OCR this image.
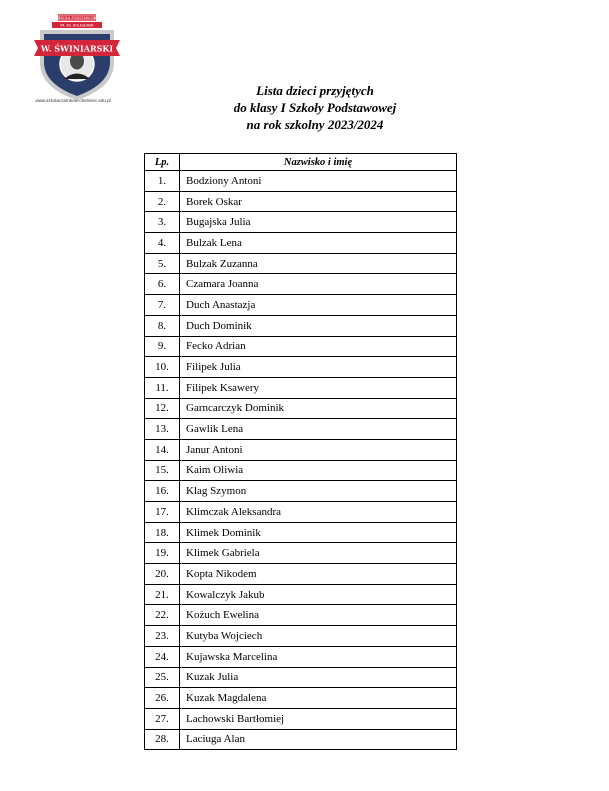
SZKOŁA PODSTAWOWA
IM. KS. BOLESŁAWA
W. ŚWINIARSKI
www.szkolaczarnkow-chelmiec.edu.pl
Lista dzieci przyjętych
do klasy I Szkoły Podstawowej
na rok szkolny 2023/2024
Lp.	Nazwisko i imię
1.	Bodziony Antoni
2.	Borek Oskar
3.	Bugajska Julia
4.	Bulzak Lena
5.	Bulzak Zuzanna
6.	Czamara Joanna
7.	Duch Anastazja
8.	Duch Dominik
9.	Fecko Adrian
10.	Filipek Julia
11.	Filipek Ksawery
12.	Garncarczyk Dominik
13.	Gawlik Lena
14.	Janur Antoni
15.	Kaim Oliwia
16.	Klag Szymon
17.	Klimczak Aleksandra
18.	Klimek Dominik
19.	Klimek Gabriela
20.	Kopta Nikodem
21.	Kowalczyk Jakub
22.	Kożuch Ewelina
23.	Kutyba Wojciech
24.	Kujawska Marcelina
25.	Kuzak Julia
26.	Kuzak Magdalena
27.	Lachowski Bartłomiej
28.	Laciuga Alan
